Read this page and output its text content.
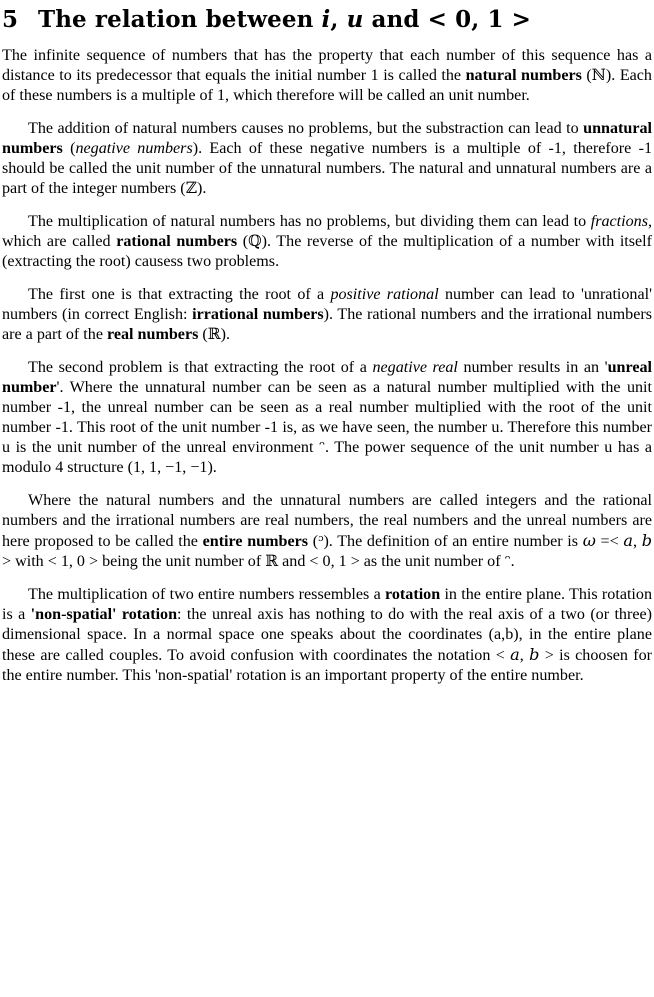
5 The relation between i, u and < 0, 1 >

The infinite sequence of numbers that has the property that each number of this sequence has a distance to its predecessor that equals the initial number 1 is called the natural numbers (ℕ). Each of these numbers is a multiple of 1, which therefore will be called an unit number.

The addition of natural numbers causes no problems, but the substraction can lead to unnatural numbers (negative numbers). Each of these negative numbers is a multiple of -1, therefore -1 should be called the unit number of the unnatural numbers. The natural and unnatural numbers are a part of the integer numbers (ℤ).

The multiplication of natural numbers has no problems, but dividing them can lead to fractions, which are called rational numbers (ℚ). The reverse of the multiplication of a number with itself (extracting the root) causess two problems.

The first one is that extracting the root of a positive rational number can lead to 'unrational' numbers (in correct English: irrational numbers). The rational numbers and the irrational numbers are a part of the real numbers (ℝ).

The second problem is that extracting the root of a negative real number results in an 'unreal number'. Where the unnatural number can be seen as a natural number multiplied with the unit number -1, the unreal number can be seen as a real number multiplied with the root of the unit number -1. This root of the unit number -1 is, as we have seen, the number u. Therefore this number u is the unit number of the unreal environment ᵔ. The power sequence of the unit number u has a modulo 4 structure (1, 1, −1, −1).

Where the natural numbers and the unnatural numbers are called integers and the rational numbers and the irrational numbers are real numbers, the real numbers and the unreal numbers are here proposed to be called the entire numbers (ᵓ). The definition of an entire number is ω =< a, b > with < 1, 0 > being the unit number of ℝ and < 0, 1 > as the unit number of ᵔ.

The multiplication of two entire numbers ressembles a rotation in the entire plane. This rotation is a 'non-spatial' rotation: the unreal axis has nothing to do with the real axis of a two (or three) dimensional space. In a normal space one speaks about the coordinates (a,b), in the entire plane these are called couples. To avoid confusion with coordinates the notation < a, b > is choosen for the entire number. This 'non-spatial' rotation is an important property of the entire number.
